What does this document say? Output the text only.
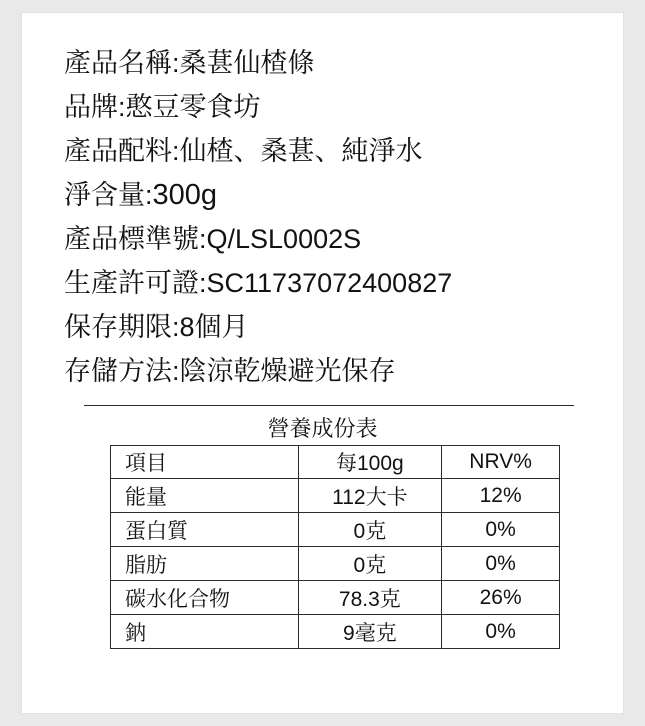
產品名稱:桑葚仙楂條
品牌:憨豆零食坊
產品配料:仙楂、桑葚、純淨水
淨含量:300g
產品標準號:Q/LSL0002S
生產許可證:SC11737072400827
保存期限:8個月
存儲方法:陰涼乾燥避光保存
營養成份表
項目	每100g	NRV%
能量	112大卡	12%
蛋白質	0克	0%
脂肪	0克	0%
碳水化合物	78.3克	26%
鈉	9毫克	0%
